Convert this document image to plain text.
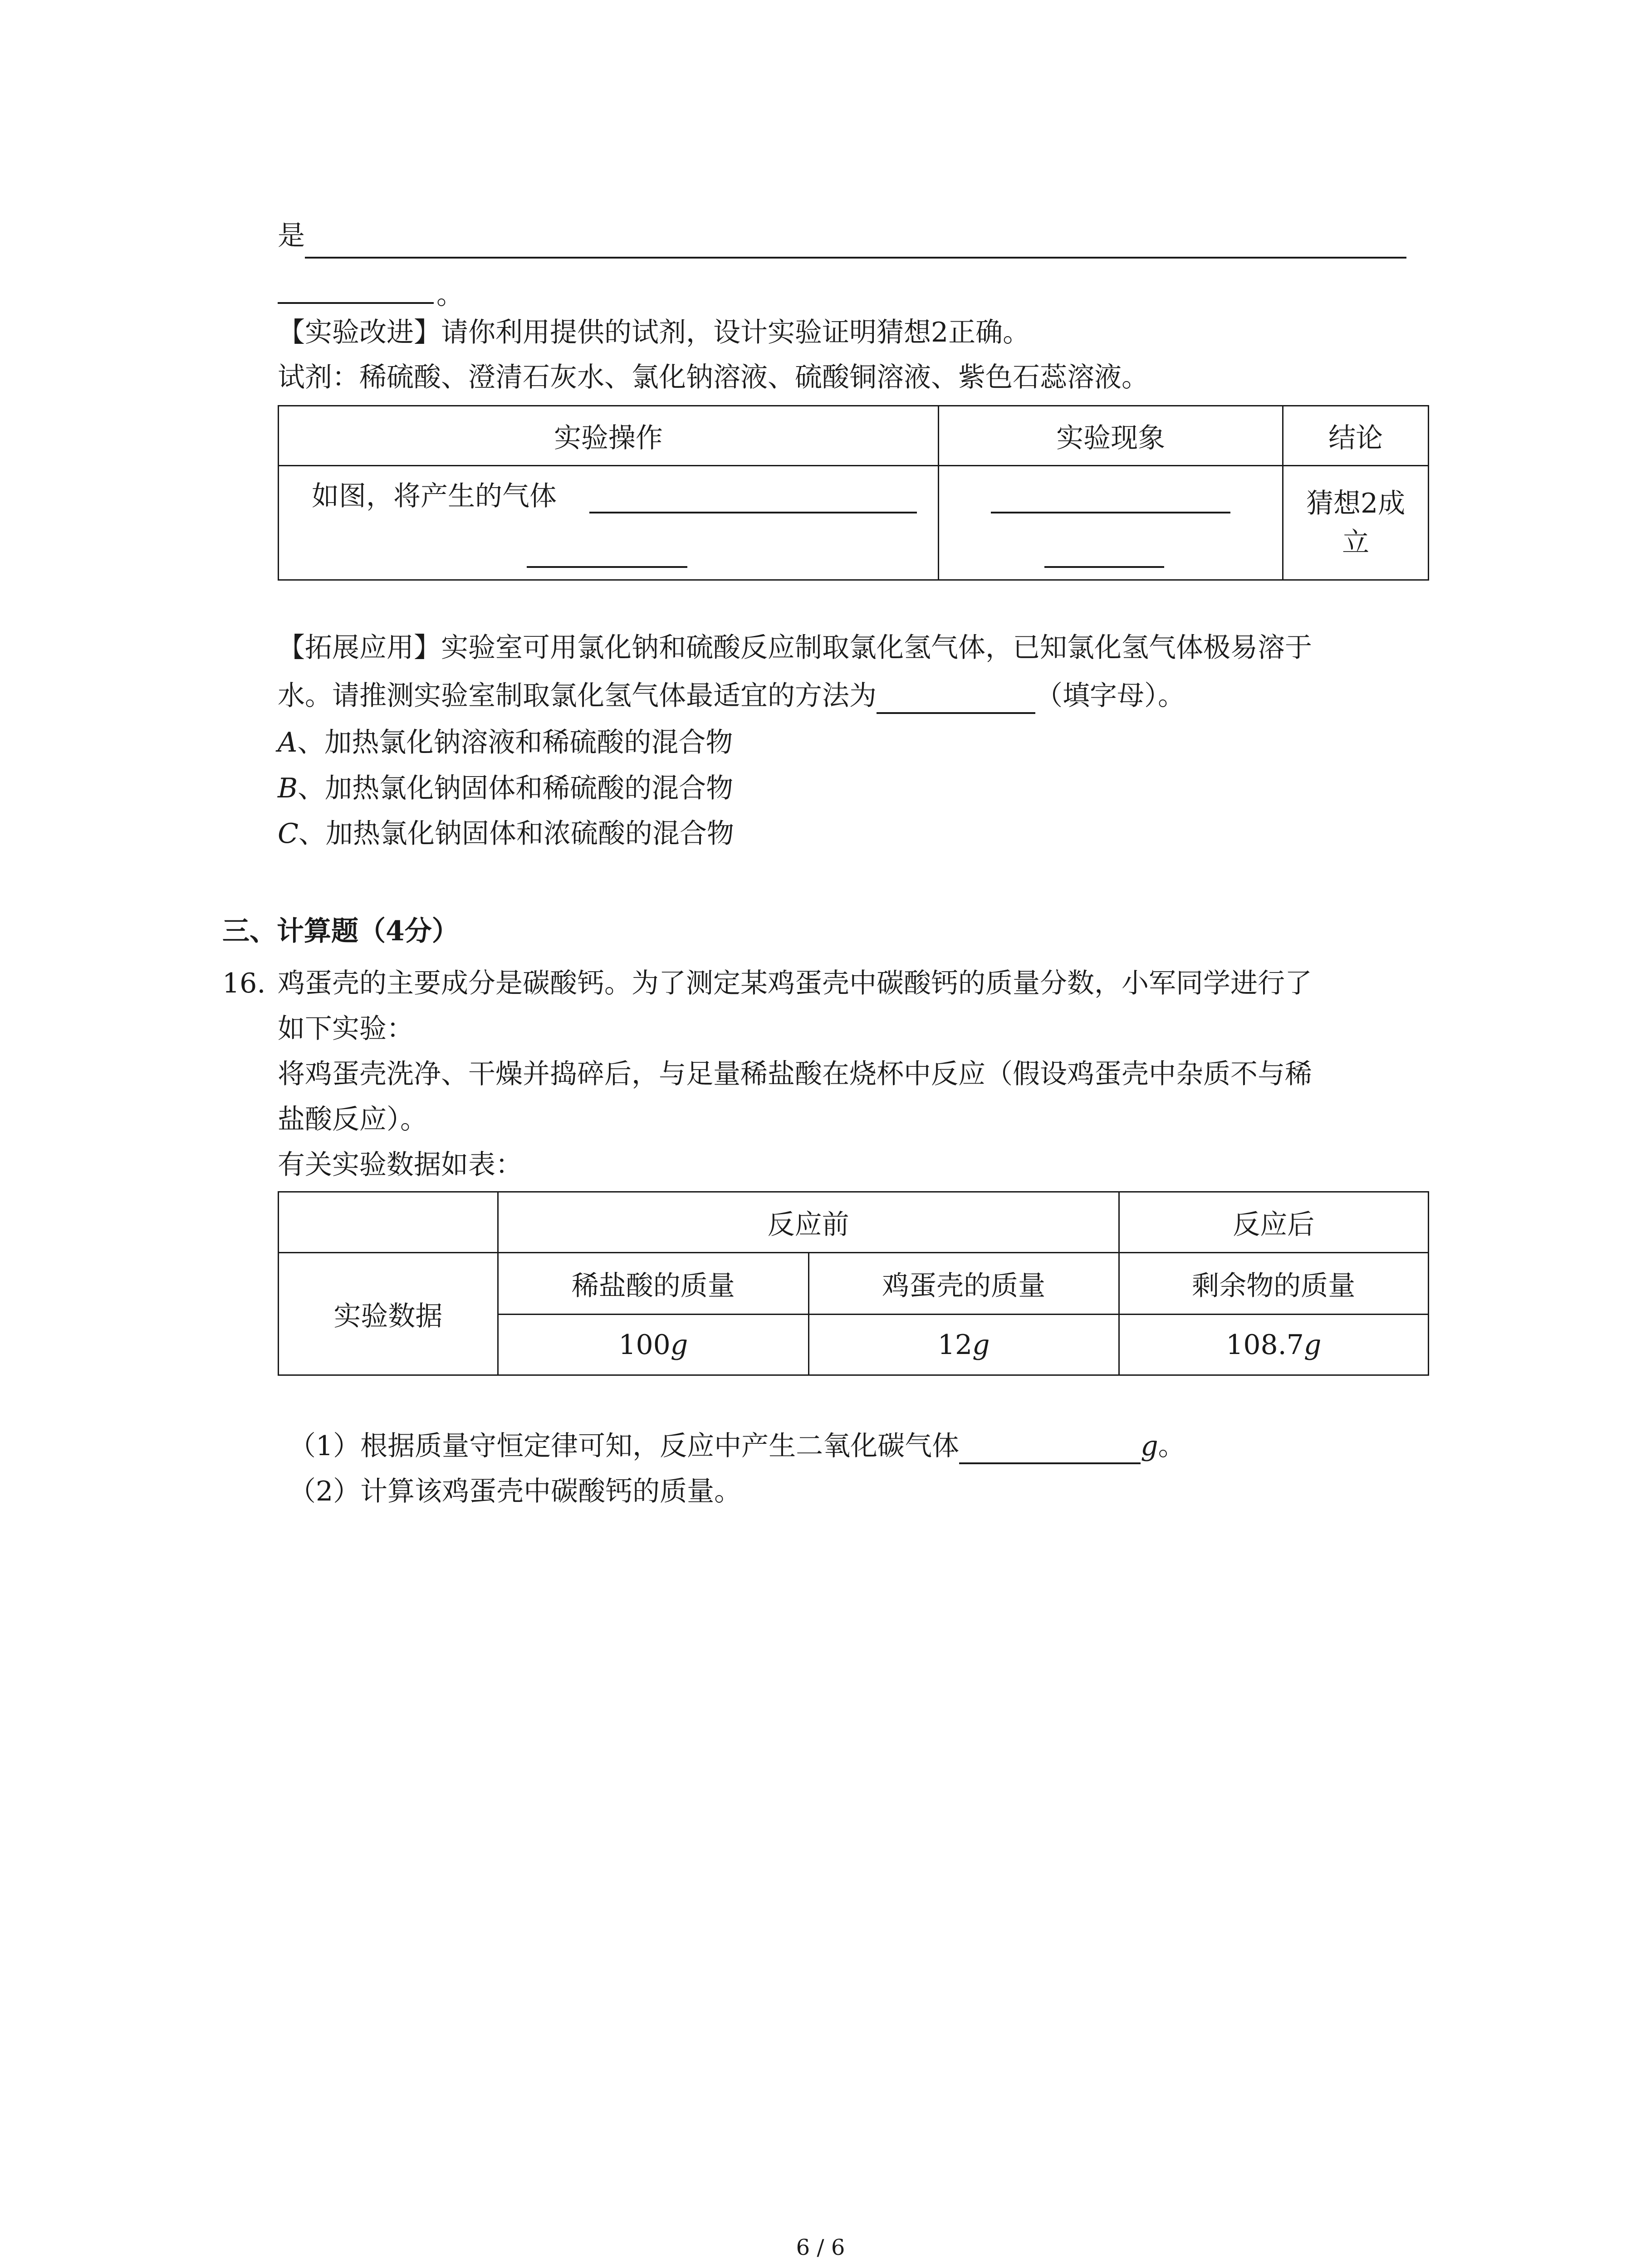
是
。
【实验改进】请你利用提供的试剂，设计实验证明猜想2正确。
试剂：稀硫酸、澄清石灰水、氯化钠溶液、硫酸铜溶液、紫色石蕊溶液。
实验操作	实验现象	结论

如图，将产生的气体		猜想2成
立
【拓展应用】实验室可用氯化钠和硫酸反应制取氯化氢气体，已知氯化氢气体极易溶于
水。请推测实验室制取氯化氢气体最适宜的方法为	（填字母）。
A、加热氯化钠溶液和稀硫酸的混合物
B、加热氯化钠固体和稀硫酸的混合物
C、加热氯化钠固体和浓硫酸的混合物
三、计算题（4分）
16. 鸡蛋壳的主要成分是碳酸钙。为了测定某鸡蛋壳中碳酸钙的质量分数，小军同学进行了
如下实验：
将鸡蛋壳洗净、干燥并捣碎后，与足量稀盐酸在烧杯中反应（假设鸡蛋壳中杂质不与稀
盐酸反应）。
有关实验数据如表：
	反应前		反应后
实验数据	稀盐酸的质量	鸡蛋壳的质量	剩余物的质量
	100g	12g	108.7g
（1）根据质量守恒定律可知，反应中产生二氧化碳气体	g。
（2）计算该鸡蛋壳中碳酸钙的质量。
6 / 6
